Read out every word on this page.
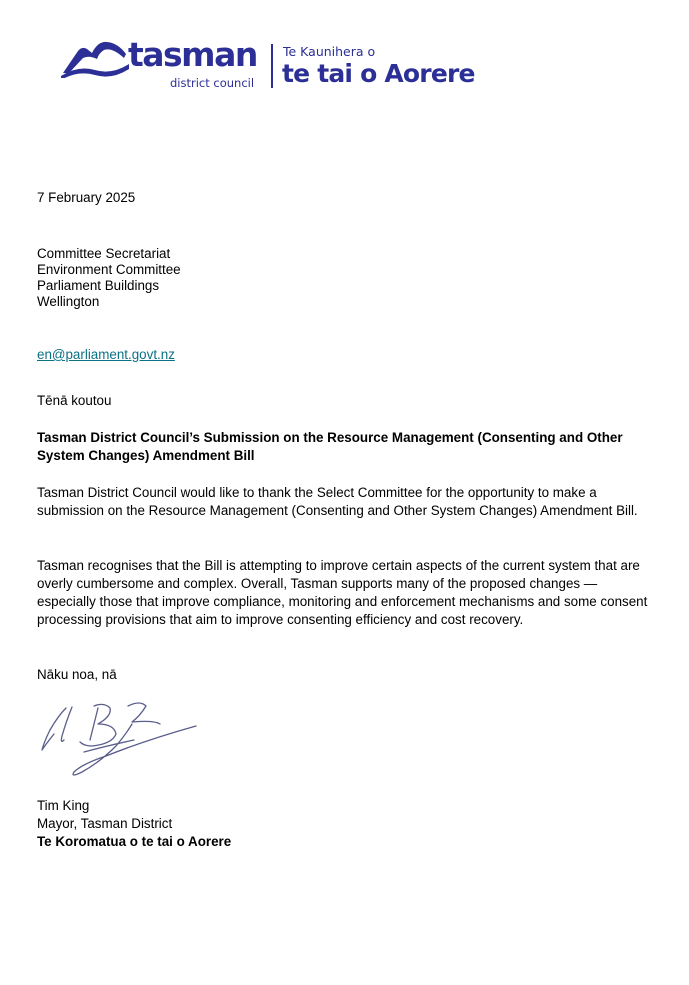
tasman
district council
Te Kaunihera o
te tai o Aorere
7 February 2025
Committee Secretariat
Environment Committee
Parliament Buildings
Wellington
en@parliament.govt.nz
Tēnā koutou
Tasman District Council’s Submission on the Resource Management (Consenting and Other System Changes) Amendment Bill
Tasman District Council would like to thank the Select Committee for the opportunity to make a submission on the Resource Management (Consenting and Other System Changes) Amendment Bill.
Tasman recognises that the Bill is attempting to improve certain aspects of the current system that are overly cumbersome and complex. Overall, Tasman supports many of the proposed changes — especially those that improve compliance, monitoring and enforcement mechanisms and some consent processing provisions that aim to improve consenting efficiency and cost recovery.
Nāku noa, nā
Tim King
Mayor, Tasman District
Te Koromatua o te tai o Aorere
